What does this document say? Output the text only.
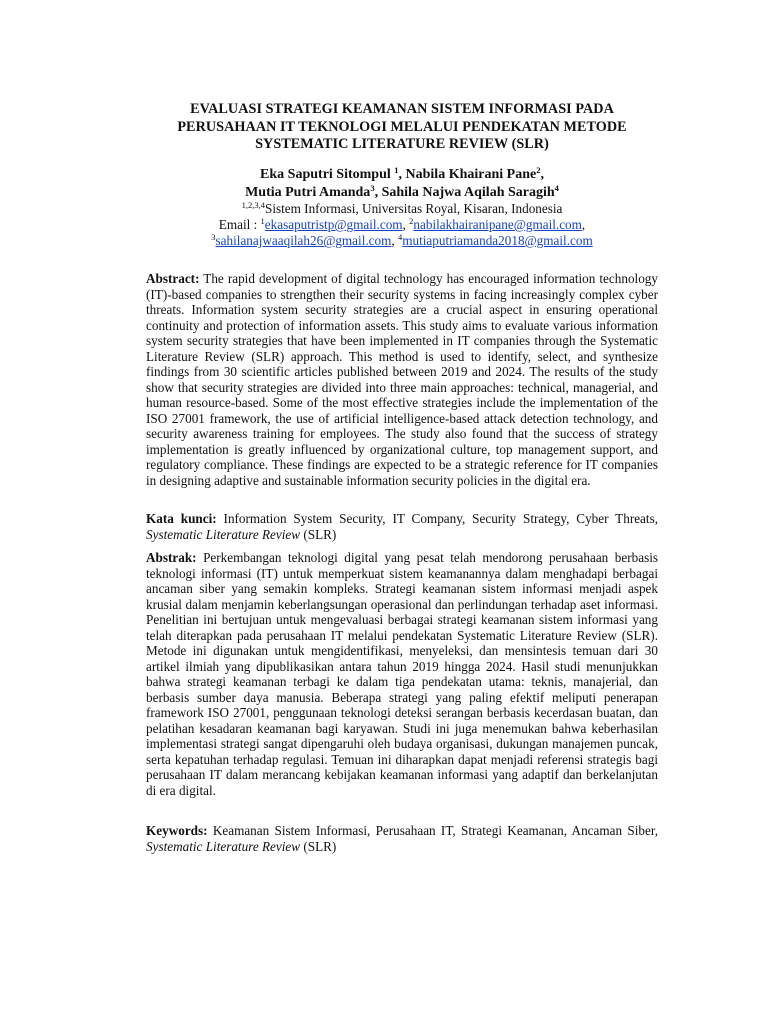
EVALUASI STRATEGI KEAMANAN SISTEM INFORMASI PADA
PERUSAHAAN IT TEKNOLOGI MELALUI PENDEKATAN METODE
SYSTEMATIC LITERATURE REVIEW (SLR)
Eka Saputri Sitompul $^1$, Nabila Khairani Pane$^2$,
Mutia Putri Amanda$^3$, Sahila Najwa Aqilah Saragih$^4$
$^{1,2,3,4}$Sistem Informasi, Universitas Royal, Kisaran, Indonesia
Email : $^1$ekasaputristp@gmail.com, $^2$nabilakhairanipane@gmail.com,
$^3$sahilanajwaaqilah26@gmail.com, $^4$mutiaputriamanda2018@gmail.com
Abstract: The rapid development of digital technology has encouraged information technology (IT)-based companies to strengthen their security systems in facing increasingly complex cyber threats. Information system security strategies are a crucial aspect in ensuring operational continuity and protection of information assets. This study aims to evaluate various information system security strategies that have been implemented in IT companies through the Systematic Literature Review (SLR) approach. This method is used to identify, select, and synthesize findings from 30 scientific articles published between 2019 and 2024. The results of the study show that security strategies are divided into three main approaches: technical, managerial, and human resource-based. Some of the most effective strategies include the implementation of the ISO 27001 framework, the use of artificial intelligence-based attack detection technology, and security awareness training for employees. The study also found that the success of strategy implementation is greatly influenced by organizational culture, top management support, and regulatory compliance. These findings are expected to be a strategic reference for IT companies in designing adaptive and sustainable information security policies in the digital era.
Kata kunci: Information System Security, IT Company, Security Strategy, Cyber Threats, Systematic Literature Review (SLR)
Abstrak: Perkembangan teknologi digital yang pesat telah mendorong perusahaan berbasis teknologi informasi (IT) untuk memperkuat sistem keamanannya dalam menghadapi berbagai ancaman siber yang semakin kompleks. Strategi keamanan sistem informasi menjadi aspek krusial dalam menjamin keberlangsungan operasional dan perlindungan terhadap aset informasi. Penelitian ini bertujuan untuk mengevaluasi berbagai strategi keamanan sistem informasi yang telah diterapkan pada perusahaan IT melalui pendekatan Systematic Literature Review (SLR). Metode ini digunakan untuk mengidentifikasi, menyeleksi, dan mensintesis temuan dari 30 artikel ilmiah yang dipublikasikan antara tahun 2019 hingga 2024. Hasil studi menunjukkan bahwa strategi keamanan terbagi ke dalam tiga pendekatan utama: teknis, manajerial, dan berbasis sumber daya manusia. Beberapa strategi yang paling efektif meliputi penerapan framework ISO 27001, penggunaan teknologi deteksi serangan berbasis kecerdasan buatan, dan pelatihan kesadaran keamanan bagi karyawan. Studi ini juga menemukan bahwa keberhasilan implementasi strategi sangat dipengaruhi oleh budaya organisasi, dukungan manajemen puncak, serta kepatuhan terhadap regulasi. Temuan ini diharapkan dapat menjadi referensi strategis bagi perusahaan IT dalam merancang kebijakan keamanan informasi yang adaptif dan berkelanjutan di era digital.
Keywords: Keamanan Sistem Informasi, Perusahaan IT, Strategi Keamanan, Ancaman Siber, Systematic Literature Review (SLR)
